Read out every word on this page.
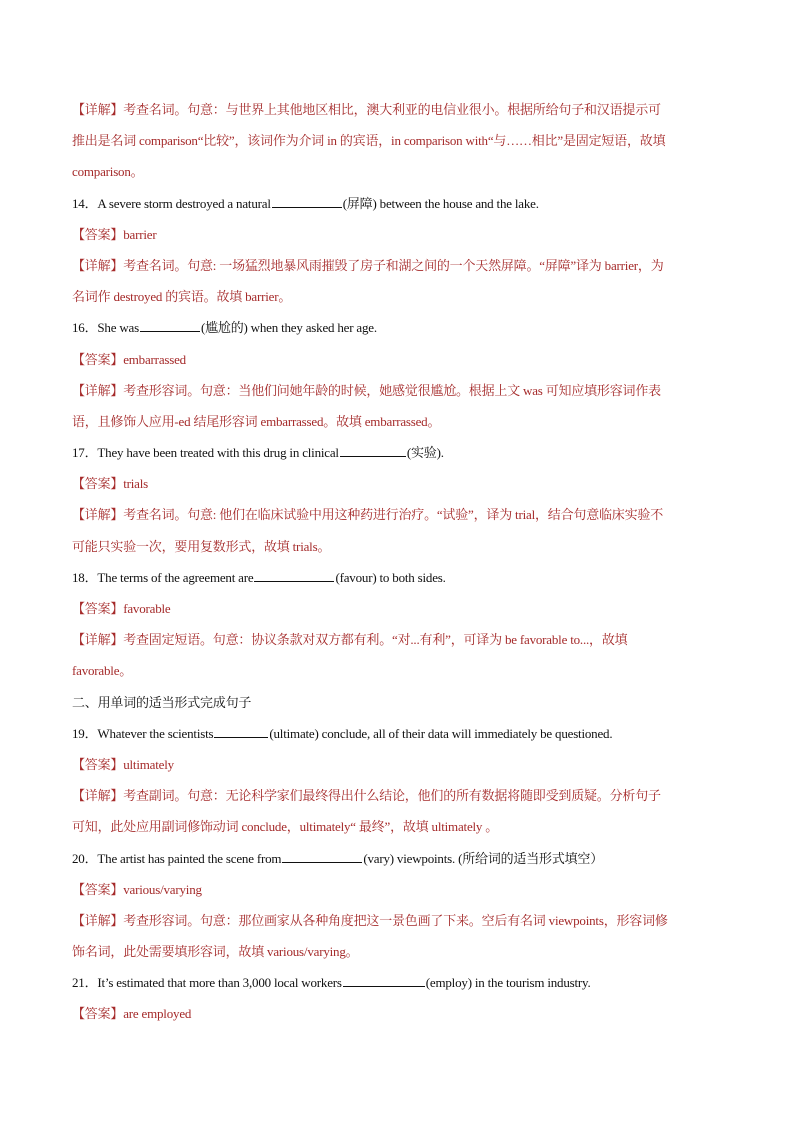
【详解】考查名词。句意：与世界上其他地区相比，澳大利亚的电信业很小。根据所给句子和汉语提示可
推出是名词 comparison“比较”，该词作为介词 in 的宾语，in comparison with“与……相比”是固定短语，故填
comparison。
14．A severe storm destroyed a natural	(屏障) between the house and the lake.
【答案】barrier
【详解】考查名词。句意: 一场猛烈地暴风雨摧毁了房子和湖之间的一个天然屏障。“屏障”译为 barrier，为
名词作 destroyed 的宾语。故填 barrier。
16．She was	(尴尬的) when they asked her age.
【答案】embarrassed
【详解】考查形容词。句意：当他们问她年龄的时候，她感觉很尴尬。根据上文 was 可知应填形容词作表
语，且修饰人应用-ed 结尾形容词 embarrassed。故填 embarrassed。
17．They have been treated with this drug in clinical	(实验).
【答案】trials
【详解】考查名词。句意: 他们在临床试验中用这种药进行治疗。“试验”，译为 trial，结合句意临床实验不
可能只实验一次，要用复数形式，故填 trials。
18．The terms of the agreement are	(favour) to both sides.
【答案】favorable
【详解】考查固定短语。句意：协议条款对双方都有利。“对...有利”，可译为 be favorable to...，故填
favorable。
二、用单词的适当形式完成句子
19．Whatever the scientists	(ultimate) conclude, all of their data will immediately be questioned.
【答案】ultimately
【详解】考查副词。句意：无论科学家们最终得出什么结论，他们的所有数据将随即受到质疑。分析句子
可知，此处应用副词修饰动词 conclude，ultimately“ 最终”，故填 ultimately 。
20．The artist has painted the scene from	(vary) viewpoints. (所给词的适当形式填空）
【答案】various/varying
【详解】考查形容词。句意：那位画家从各种角度把这一景色画了下来。空后有名词 viewpoints，形容词修
饰名词，此处需要填形容词，故填 various/varying。
21．It’s estimated that more than 3,000 local workers	(employ) in the tourism industry.
【答案】are employed
